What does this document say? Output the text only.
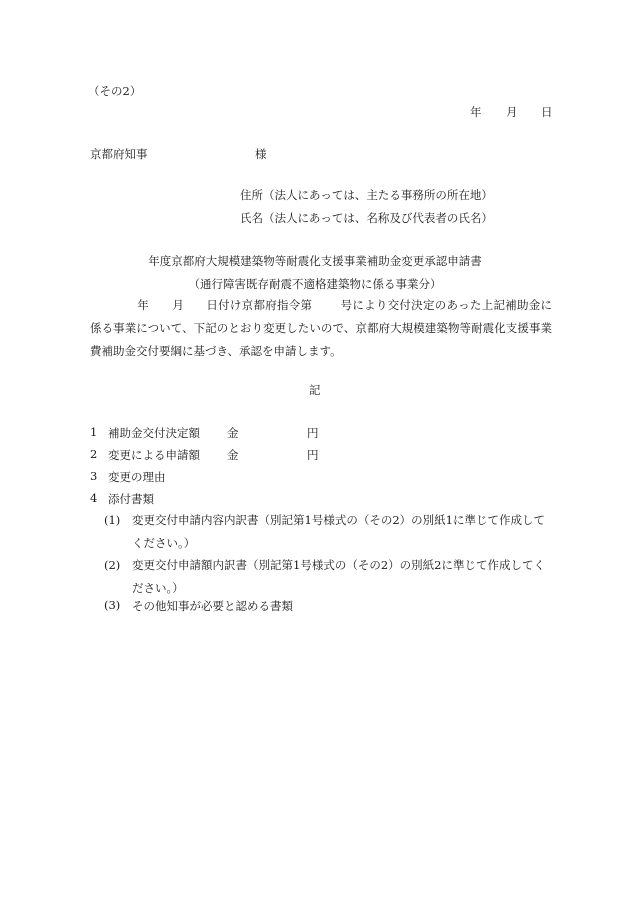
（その2）
年 月 日
京都府知事	様
住所（法人にあっては、主たる事務所の所在地）
氏名（法人にあっては、名称及び代表者の氏名）
年度京都府大規模建築物等耐震化支援事業補助金変更承認申請書
（通行障害既存耐震不適格建築物に係る事業分）
年 月 日付け京都府指令第 号により交付決定のあった上記補助金に係る事業について、下記のとおり変更したいので、京都府大規模建築物等耐震化支援事業費補助金交付要綱に基づき、承認を申請します。
記
1 補助金交付決定額 金	円
2 変更による申請額 金	円
3 変更の理由
4 添付書類
(1) 変更交付申請内容内訳書（別記第1号様式の（その2）の別紙1に準じて作成してください。）
(2) 変更交付申請額内訳書（別記第1号様式の（その2）の別紙2に準じて作成してください。）
(3) その他知事が必要と認める書類
